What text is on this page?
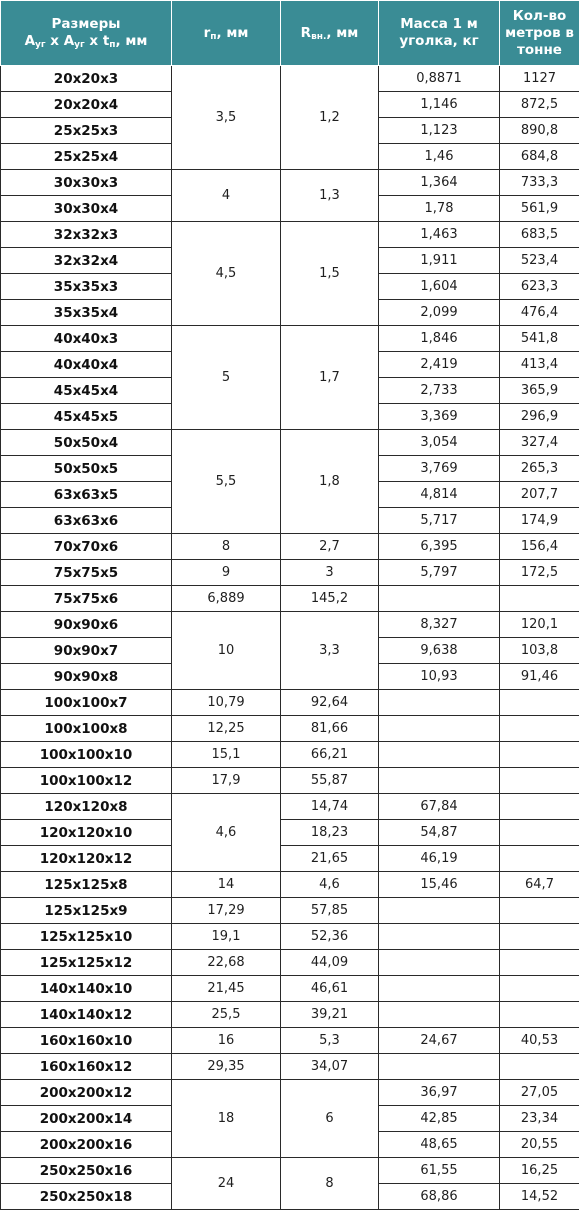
Размеры
$A_{уг}$ x $A_{уг}$ x $t_п$, мм	$r_п$, мм	$R_{вн.}$, мм	Масса 1 м уголка, кг	Кол-во метров в тонне
20x20x3	3,5	1,2	0,8871	1127
20x20x4			1,146	872,5
25x25x3			1,123	890,8
25x25x4			1,46	684,8
30x30x3	4	1,3	1,364	733,3
30x30x4			1,78	561,9
32x32x3	4,5	1,5	1,463	683,5
32x32x4			1,911	523,4
35x35x3			1,604	623,3
35x35x4			2,099	476,4
40x40x3	5	1,7	1,846	541,8
40x40x4			2,419	413,4
45x45x4			2,733	365,9
45x45x5			3,369	296,9
50x50x4	5,5	1,8	3,054	327,4
50x50x5			3,769	265,3
63x63x5			4,814	207,7
63x63x6			5,717	174,9
70x70x6	8	2,7	6,395	156,4
75x75x5	9	3	5,797	172,5
75x75x6	6,889	145,2		
90x90x6	10	3,3	8,327	120,1
90x90x7			9,638	103,8
90x90x8			10,93	91,46
100x100x7	10,79	92,64		
100x100x8	12,25	81,66		
100x100x10	15,1	66,21		
100x100x12	17,9	55,87		
120x120x8	4,6	14,74	67,84	
120x120x10		18,23	54,87	
120x120x12		21,65	46,19	
125x125x8	14	4,6	15,46	64,7
125x125x9	17,29	57,85		
125x125x10	19,1	52,36		
125x125x12	22,68	44,09		
140x140x10	21,45	46,61		
140x140x12	25,5	39,21		
160x160x10	16	5,3	24,67	40,53
160x160x12	29,35	34,07		
200x200x12	18	6	36,97	27,05
200x200x14			42,85	23,34
200x200x16			48,65	20,55
250x250x16	24	8	61,55	16,25
250x250x18			68,86	14,52
